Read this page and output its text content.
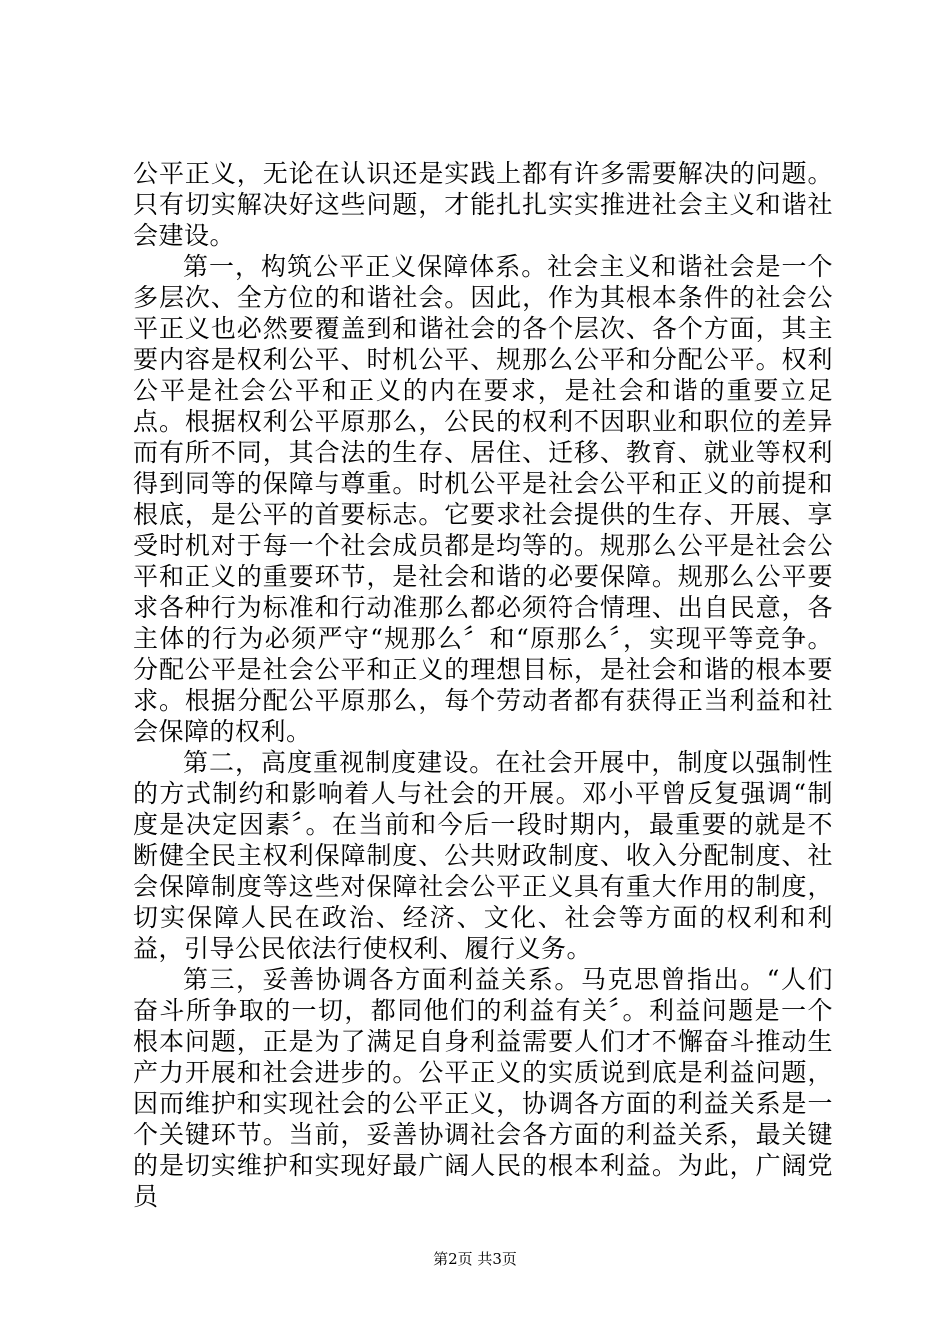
公平正义，无论在认识还是实践上都有许多需要解决的问题。只有切实解决好这些问题，才能扎扎实实推进社会主义和谐社会建设。

第一，构筑公平正义保障体系。社会主义和谐社会是一个多层次、全方位的和谐社会。因此，作为其根本条件的社会公平正义也必然要覆盖到和谐社会的各个层次、各个方面，其主要内容是权利公平、时机公平、规那么公平和分配公平。权利公平是社会公平和正义的内在要求，是社会和谐的重要立足点。根据权利公平原那么，公民的权利不因职业和职位的差异而有所不同，其合法的生存、居住、迁移、教育、就业等权利得到同等的保障与尊重。时机公平是社会公平和正义的前提和根底，是公平的首要标志。它要求社会提供的生存、开展、享受时机对于每一个社会成员都是均等的。规那么公平是社会公平和正义的重要环节，是社会和谐的必要保障。规那么公平要求各种行为标准和行动准那么都必须符合情理、出自民意，各主体的行为必须严守“规那么〞和“原那么〞，实现平等竞争。分配公平是社会公平和正义的理想目标，是社会和谐的根本要求。根据分配公平原那么，每个劳动者都有获得正当利益和社会保障的权利。

第二，高度重视制度建设。在社会开展中，制度以强制性的方式制约和影响着人与社会的开展。邓小平曾反复强调“制度是决定因素〞。在当前和今后一段时期内，最重要的就是不断健全民主权利保障制度、公共财政制度、收入分配制度、社会保障制度等这些对保障社会公平正义具有重大作用的制度，切实保障人民在政治、经济、文化、社会等方面的权利和利益，引导公民依法行使权利、履行义务。

第三，妥善协调各方面利益关系。马克思曾指出。“人们奋斗所争取的一切，都同他们的利益有关〞。利益问题是一个根本问题，正是为了满足自身利益需要人们才不懈奋斗推动生产力开展和社会进步的。公平正义的实质说到底是利益问题，因而维护和实现社会的公平正义，协调各方面的利益关系是一个关键环节。当前，妥善协调社会各方面的利益关系，最关键的是切实维护和实现好最广阔人民的根本利益。为此，广阔党员

第2页 共3页
